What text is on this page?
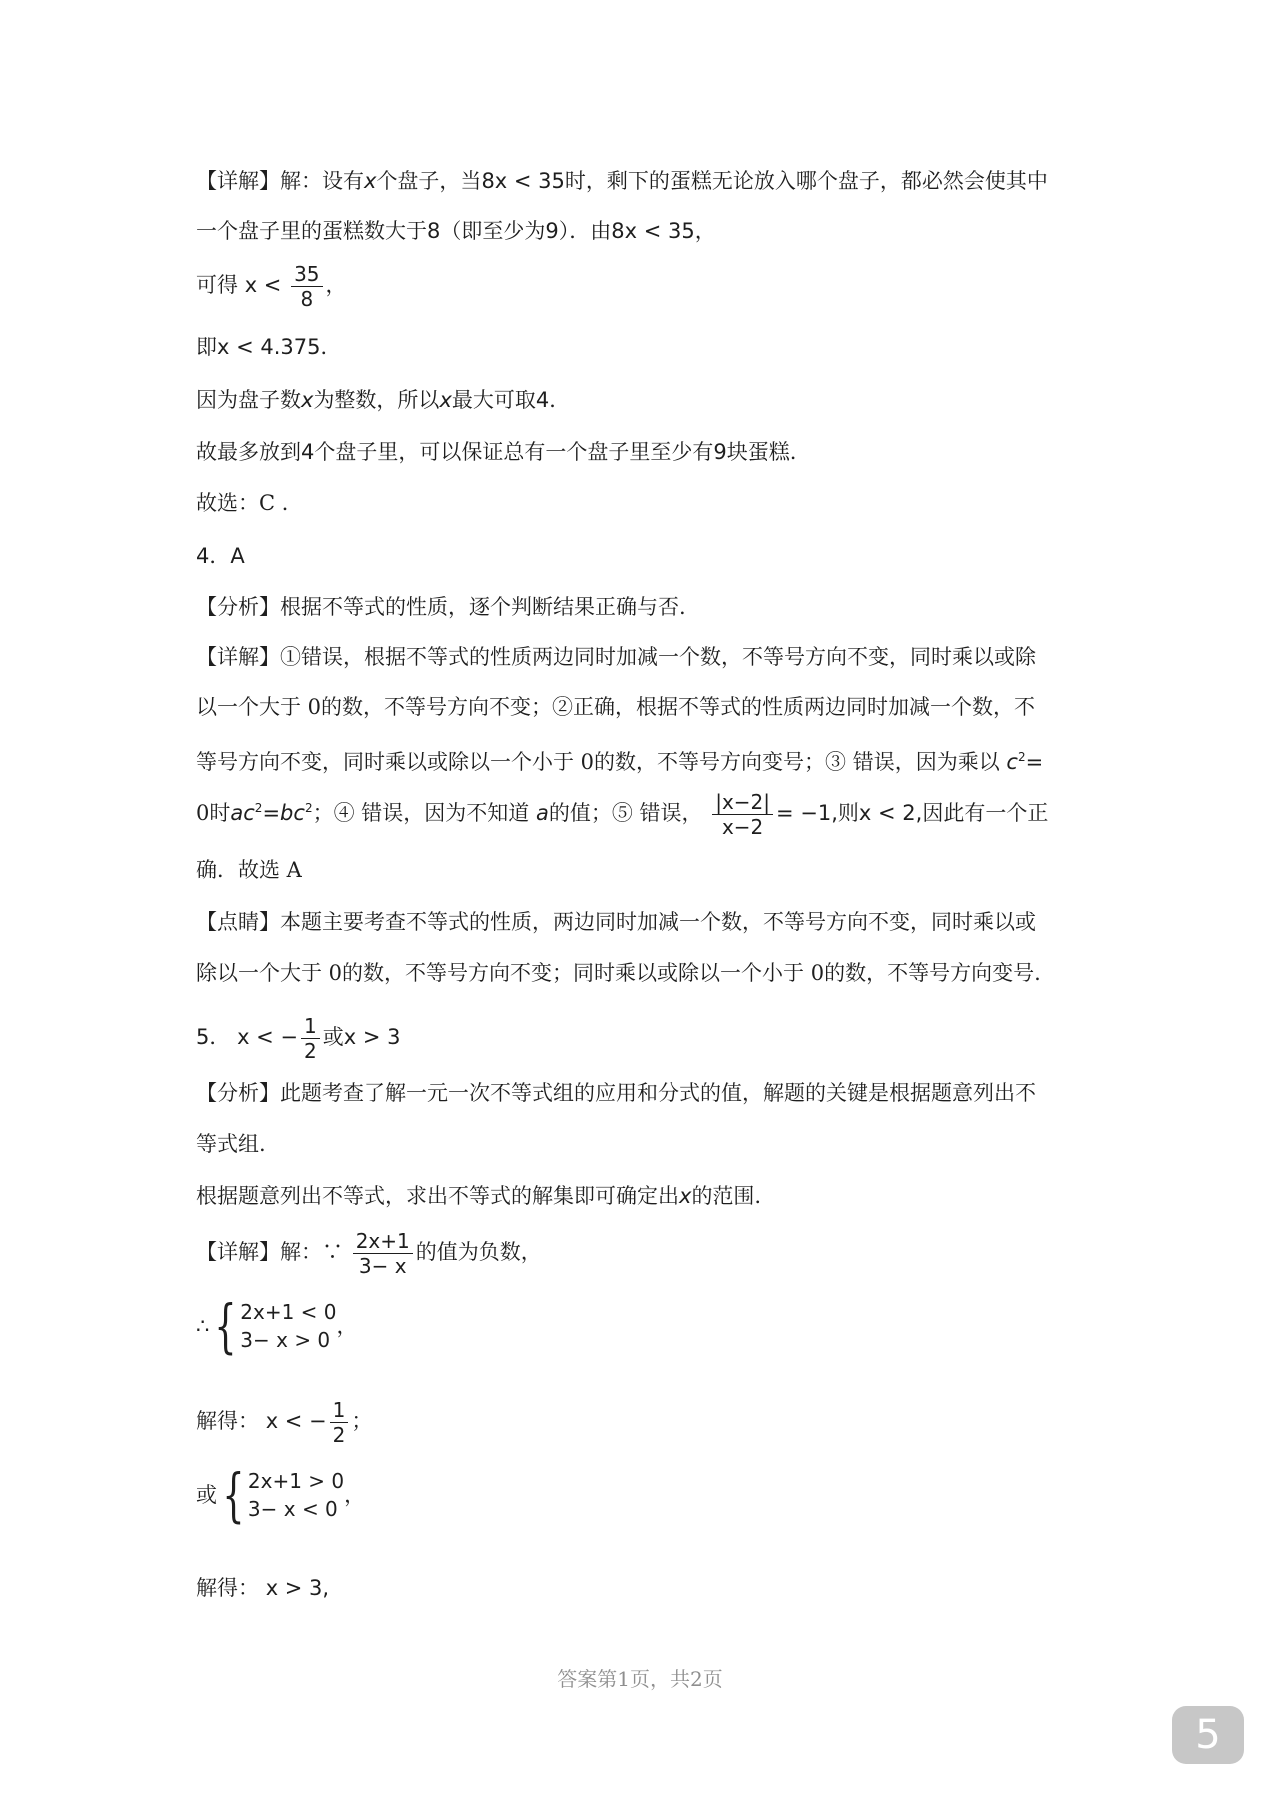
【详解】解：设有x个盘子，当8x < 35时，剩下的蛋糕无论放入哪个盘子，都必然会使其中
一个盘子里的蛋糕数大于8（即至少为9）．由8x < 35，
可得 $x < \frac{35}{8}$ ，
即x < 4.375．
因为盘子数x为整数，所以x最大可取4．
故最多放到4个盘子里，可以保证总有一个盘子里至少有9块蛋糕.
故选：C ．
4．A
【分析】根据不等式的性质，逐个判断结果正确与否.
【详解】①错误，根据不等式的性质两边同时加减一个数，不等号方向不变，同时乘以或除
以一个大于 0的数，不等号方向不变；②正确，根据不等式的性质两边同时加减一个数，不
等号方向不变，同时乘以或除以一个小于 0的数，不等号方向变号；③ 错误，因为乘以 $c^2=$
0时$ac^2=bc^2$；④ 错误，因为不知道 a的值；⑤ 错误， $\frac{|x-2|}{x-2} = -1$,则x < 2,因此有一个正
确．故选 A
【点睛】本题主要考查不等式的性质，两边同时加减一个数，不等号方向不变，同时乘以或
除以一个大于 0的数，不等号方向不变；同时乘以或除以一个小于 0的数，不等号方向变号.
5． x < − $\frac{1}{2}$ 或x > 3
【分析】此题考查了解一元一次不等式组的应用和分式的值，解题的关键是根据题意列出不
等式组.
根据题意列出不等式，求出不等式的解集即可确定出x的范围.
【详解】解：∵ $\frac{2x+1}{3- x}$ 的值为负数，
∴ { 2x+1 < 0
3− x > 0
，
解得： x < − $\frac{1}{2}$ ；
或 { 2x+1 > 0
3− x < 0
，
解得： x > 3,
答案第1页，共2页
5
